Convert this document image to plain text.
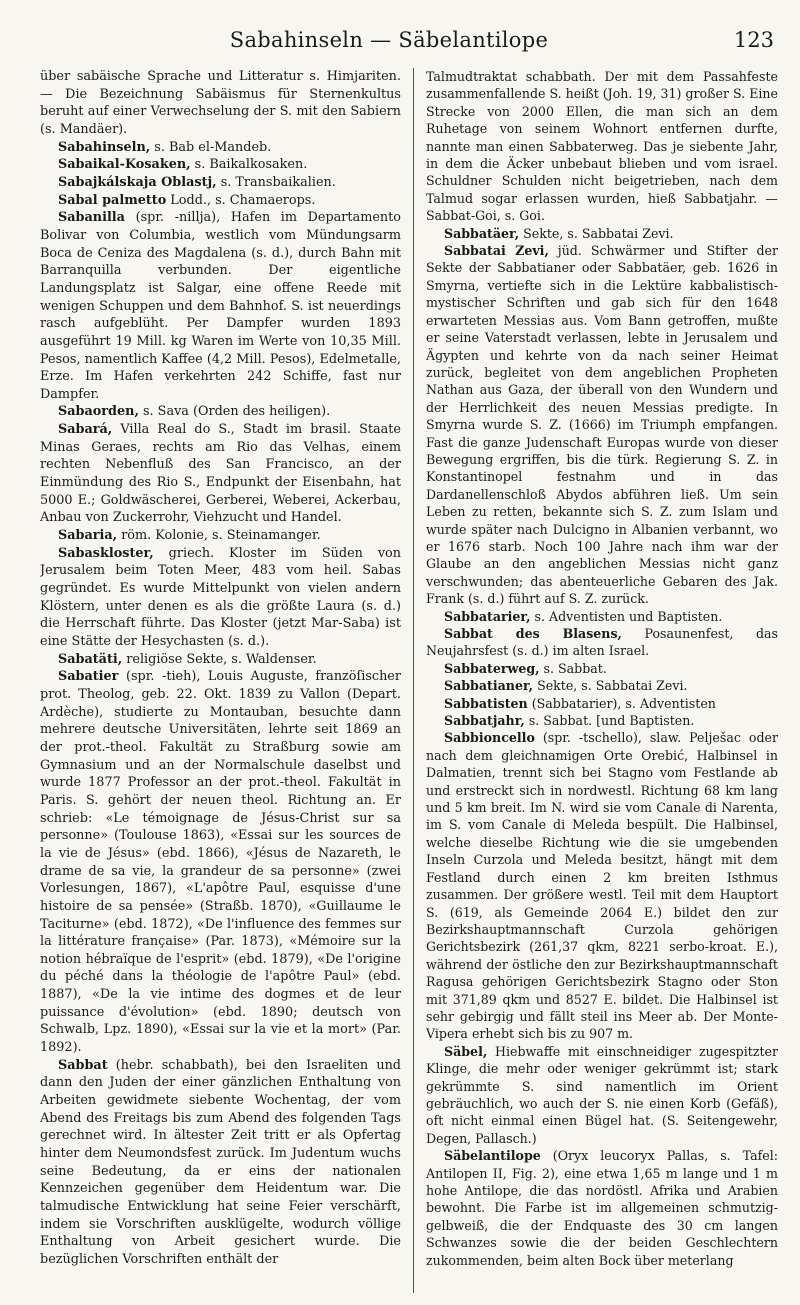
Sabahinseln — Säbelantilope	123

über sabäische Sprache und Litteratur s. Himjariten. — Die Bezeichnung Sabäismus für Sternenkultus beruht auf einer Verwechselung der S. mit den Sabiern (s. Mandäer).

Sabahinseln, s. Bab el-Mandeb.

Sabaikal-Kosaken, s. Baikalkosaken.

Sabajkálskaja Oblastj, s. Transbaikalien.

Sabal palmetto Lodd., s. Chamaerops.

Sabanilla (spr. -nillja), Hafen im Departamento Bolivar von Columbia, westlich vom Mündungsarm Boca de Ceniza des Magdalena (s. d.), durch Bahn mit Barranquilla verbunden. Der eigentliche Landungsplatz ist Salgar, eine offene Reede mit wenigen Schuppen und dem Bahnhof. S. ist neuerdings rasch aufgeblüht. Per Dampfer wurden 1893 ausgeführt 19 Mill. kg Waren im Werte von 10,35 Mill. Pesos, namentlich Kaffee (4,2 Mill. Pesos), Edelmetalle, Erze. Im Hafen verkehrten 242 Schiffe, fast nur Dampfer.

Sabaorden, s. Sava (Orden des heiligen).

Sabará, Villa Real do S., Stadt im brasil. Staate Minas Geraes, rechts am Rio das Velhas, einem rechten Nebenfluß des San Francisco, an der Einmündung des Rio S., Endpunkt der Eisenbahn, hat 5000 E.; Goldwäscherei, Gerberei, Weberei, Ackerbau, Anbau von Zuckerrohr, Viehzucht und Handel.

Sabaria, röm. Kolonie, s. Steinamanger.

Sabaskloster, griech. Kloster im Süden von Jerusalem beim Toten Meer, 483 vom heil. Sabas gegründet. Es wurde Mittelpunkt von vielen andern Klöstern, unter denen es als die größte Laura (s. d.) die Herrschaft führte. Das Kloster (jetzt Mar-Saba) ist eine Stätte der Hesychasten (s. d.).

Sabatäti, religiöse Sekte, s. Waldenser.

Sabatier (spr. -tieh), Louis Auguste, franzöſischer prot. Theolog, geb. 22. Okt. 1839 zu Vallon (Depart. Ardèche), studierte zu Montauban, besuchte dann mehrere deutsche Universitäten, lehrte seit 1869 an der prot.-theol. Fakultät zu Straßburg sowie am Gymnasium und an der Normalschule daselbst und wurde 1877 Professor an der prot.-theol. Fakultät in Paris. S. gehört der neuen theol. Richtung an. Er schrieb: «Le témoignage de Jésus-Christ sur sa personne» (Toulouse 1863), «Essai sur les sources de la vie de Jésus» (ebd. 1866), «Jésus de Nazareth, le drame de sa vie, la grandeur de sa personne» (zwei Vorlesungen, 1867), «L'apôtre Paul, esquisse d'une histoire de sa pensée» (Straßb. 1870), «Guillaume le Taciturne» (ebd. 1872), «De l'influence des femmes sur la littérature française» (Par. 1873), «Mémoire sur la notion hébraïque de l'esprit» (ebd. 1879), «De l'origine du péché dans la théologie de l'apôtre Paul» (ebd. 1887), «De la vie intime des dogmes et de leur puissance d'évolution» (ebd. 1890; deutsch von Schwalb, Lpz. 1890), «Essai sur la vie et la mort» (Par. 1892).

Sabbat (hebr. schabbath), bei den Israeliten und dann den Juden der einer gänzlichen Enthaltung von Arbeiten gewidmete siebente Wochentag, der vom Abend des Freitags bis zum Abend des folgenden Tags gerechnet wird. In ältester Zeit tritt er als Opfertag hinter dem Neumondsfest zurück. Im Judentum wuchs seine Bedeutung, da er eins der nationalen Kennzeichen gegenüber dem Heidentum war. Die talmudische Entwicklung hat seine Feier verschärft, indem sie Vorschriften ausklügelte, wodurch völlige Enthaltung von Arbeit gesichert wurde. Die bezüglichen Vorschriften enthält der

Talmudtraktat schabbath. Der mit dem Passahfeste zusammenfallende S. heißt (Joh. 19, 31) großer S. Eine Strecke von 2000 Ellen, die man sich an dem Ruhetage von seinem Wohnort entfernen durfte, nannte man einen Sabbaterweg. Das je siebente Jahr, in dem die Äcker unbebaut blieben und vom israel. Schuldner Schulden nicht beigetrieben, nach dem Talmud sogar erlassen wurden, hieß Sabbatjahr. — Sabbat-Goi, s. Goi.

Sabbatäer, Sekte, s. Sabbatai Zevi.

Sabbatai Zevi, jüd. Schwärmer und Stifter der Sekte der Sabbatianer oder Sabbatäer, geb. 1626 in Smyrna, vertiefte sich in die Lektüre kabbalistisch-mystischer Schriften und gab sich für den 1648 erwarteten Messias aus. Vom Bann getroffen, mußte er seine Vaterstadt verlassen, lebte in Jerusalem und Ägypten und kehrte von da nach seiner Heimat zurück, begleitet von dem angeblichen Propheten Nathan aus Gaza, der überall von den Wundern und der Herrlichkeit des neuen Messias predigte. In Smyrna wurde S. Z. (1666) im Triumph empfangen. Fast die ganze Judenschaft Europas wurde von dieser Bewegung ergriffen, bis die türk. Regierung S. Z. in Konstantinopel festnahm und in das Dardanellenschloß Abydos abführen ließ. Um sein Leben zu retten, bekannte sich S. Z. zum Islam und wurde später nach Dulcigno in Albanien verbannt, wo er 1676 starb. Noch 100 Jahre nach ihm war der Glaube an den angeblichen Messias nicht ganz verschwunden; das abenteuerliche Gebaren des Jak. Frank (s. d.) führt auf S. Z. zurück.

Sabbatarier, s. Adventisten und Baptisten.

Sabbat des Blasens, Posaunenfest, das Neujahrsfest (s. d.) im alten Israel.

Sabbaterweg, s. Sabbat.

Sabbatianer, Sekte, s. Sabbatai Zevi.

Sabbatisten (Sabbatarier), s. Adventisten

Sabbatjahr, s. Sabbat. [und Baptisten.

Sabbioncello (spr. -tschello), slaw. Pelješac oder nach dem gleichnamigen Orte Orebić, Halbinsel in Dalmatien, trennt sich bei Stagno vom Festlande ab und erstreckt sich in nordwestl. Richtung 68 km lang und 5 km breit. Im N. wird sie vom Canale di Narenta, im S. vom Canale di Meleda bespült. Die Halbinsel, welche dieselbe Richtung wie die sie umgebenden Inseln Curzola und Meleda besitzt, hängt mit dem Festland durch einen 2 km breiten Isthmus zusammen. Der größere westl. Teil mit dem Hauptort S. (619, als Gemeinde 2064 E.) bildet den zur Bezirkshauptmannschaft Curzola gehörigen Gerichtsbezirk (261,37 qkm, 8221 serbo-kroat. E.), während der östliche den zur Bezirkshauptmannschaft Ragusa gehörigen Gerichtsbezirk Stagno oder Ston mit 371,89 qkm und 8527 E. bildet. Die Halbinsel ist sehr gebirgig und fällt steil ins Meer ab. Der Monte-Vipera erhebt sich bis zu 907 m.

Säbel, Hiebwaffe mit einschneidiger zugespitzter Klinge, die mehr oder weniger gekrümmt ist; stark gekrümmte S. sind namentlich im Orient gebräuchlich, wo auch der S. nie einen Korb (Gefäß), oft nicht einmal einen Bügel hat. (S. Seitengewehr, Degen, Pallasch.)

Säbelantilope (Oryx leucoryx Pallas, s. Tafel: Antilopen II, Fig. 2), eine etwa 1,65 m lange und 1 m hohe Antilope, die das nordöstl. Afrika und Arabien bewohnt. Die Farbe ist im allgemeinen schmutzig-gelbweiß, die der Endquaste des 30 cm langen Schwanzes sowie die der beiden Geschlechtern zukommenden, beim alten Bock über meterlang
